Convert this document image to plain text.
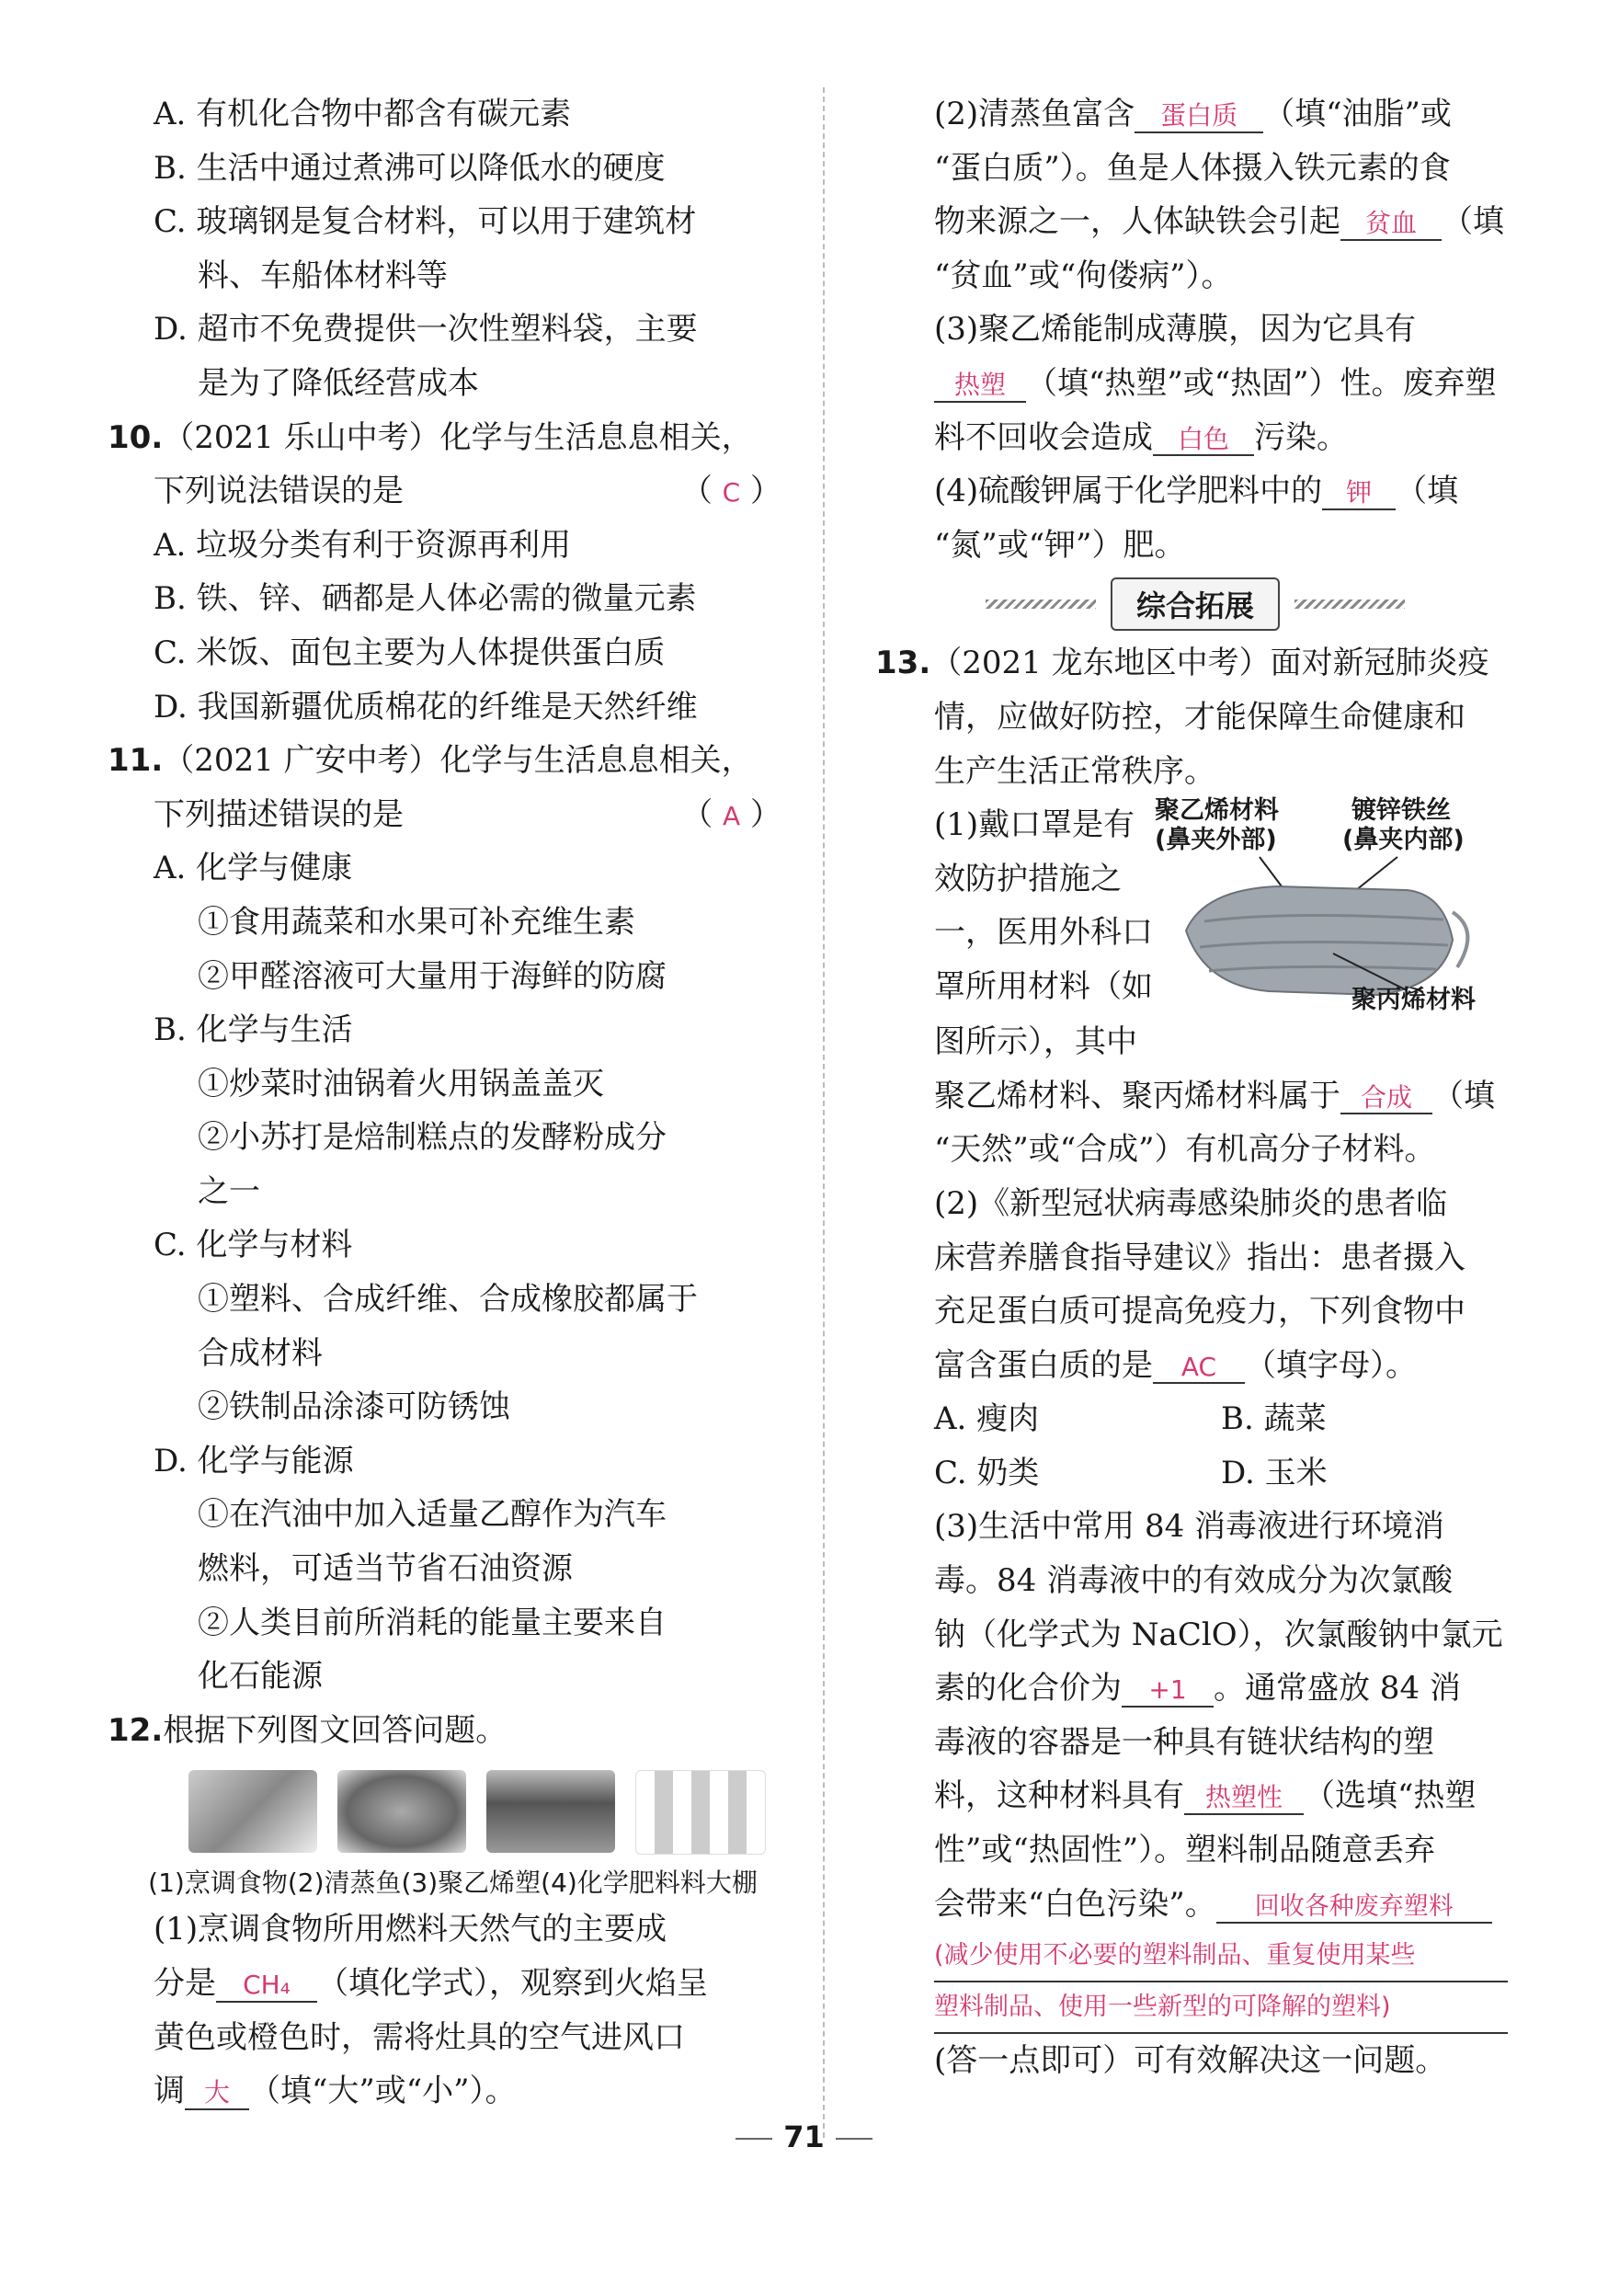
A. 有机化合物中都含有碳元素
B. 生活中通过煮沸可以降低水的硬度
C. 玻璃钢是复合材料，可以用于建筑材
料、车船体材料等
D. 超市不免费提供一次性塑料袋，主要
是为了降低经营成本
10.（2021 乐山中考）化学与生活息息相关，
下列说法错误的是	（ C ）
A. 垃圾分类有利于资源再利用
B. 铁、锌、硒都是人体必需的微量元素
C. 米饭、面包主要为人体提供蛋白质
D. 我国新疆优质棉花的纤维是天然纤维
11.（2021 广安中考）化学与生活息息相关，
下列描述错误的是	（ A ）
A. 化学与健康
①食用蔬菜和水果可补充维生素
②甲醛溶液可大量用于海鲜的防腐
B. 化学与生活
①炒菜时油锅着火用锅盖盖灭
②小苏打是焙制糕点的发酵粉成分
之一
C. 化学与材料
①塑料、合成纤维、合成橡胶都属于
合成材料
②铁制品涂漆可防锈蚀
D. 化学与能源
①在汽油中加入适量乙醇作为汽车
燃料，可适当节省石油资源
②人类目前所消耗的能量主要来自
化石能源
12.根据下列图文回答问题。
(1)烹调食物(2)清蒸鱼(3)聚乙烯塑(4)化学肥料料大棚
(1)烹调食物所用燃料天然气的主要成
分是 CH₄ （填化学式），观察到火焰呈
黄色或橙色时，需将灶具的空气进风口
调 大 （填“大”或“小”）。
(2)清蒸鱼富含 蛋白质 （填“油脂”或
“蛋白质”）。鱼是人体摄入铁元素的食
物来源之一，人体缺铁会引起 贫血 （填
“贫血”或“佝偻病”）。
(3)聚乙烯能制成薄膜，因为它具有
热塑 （填“热塑”或“热固”）性。废弃塑
料不回收会造成 白色 污染。
(4)硫酸钾属于化学肥料中的 钾 （填
“氮”或“钾”）肥。
综合拓展
13.（2021 龙东地区中考）面对新冠肺炎疫
情，应做好防控，才能保障生命健康和
生产生活正常秩序。
(1)戴口罩是有
效防护措施之
一，医用外科口
罩所用材料（如
聚乙烯材料
(鼻夹外部)
镀锌铁丝
(鼻夹内部)
聚丙烯材料
图所示），其中
聚乙烯材料、聚丙烯材料属于 合成 （填
“天然”或“合成”）有机高分子材料。
(2)《新型冠状病毒感染肺炎的患者临
床营养膳食指导建议》指出：患者摄入
充足蛋白质可提高免疫力，下列食物中
富含蛋白质的是 AC （填字母）。
A. 瘦肉	B. 蔬菜
C. 奶类	D. 玉米
(3)生活中常用 84 消毒液进行环境消
毒。84 消毒液中的有效成分为次氯酸
钠（化学式为 NaClO），次氯酸钠中氯元
素的化合价为 +1 。通常盛放 84 消
毒液的容器是一种具有链状结构的塑
料，这种材料具有 热塑性 （选填“热塑
性”或“热固性”）。塑料制品随意丢弃
会带来“白色污染”。 回收各种废弃塑料
(减少使用不必要的塑料制品、重复使用某些
塑料制品、使用一些新型的可降解的塑料)
(答一点即可）可有效解决这一问题。
71
